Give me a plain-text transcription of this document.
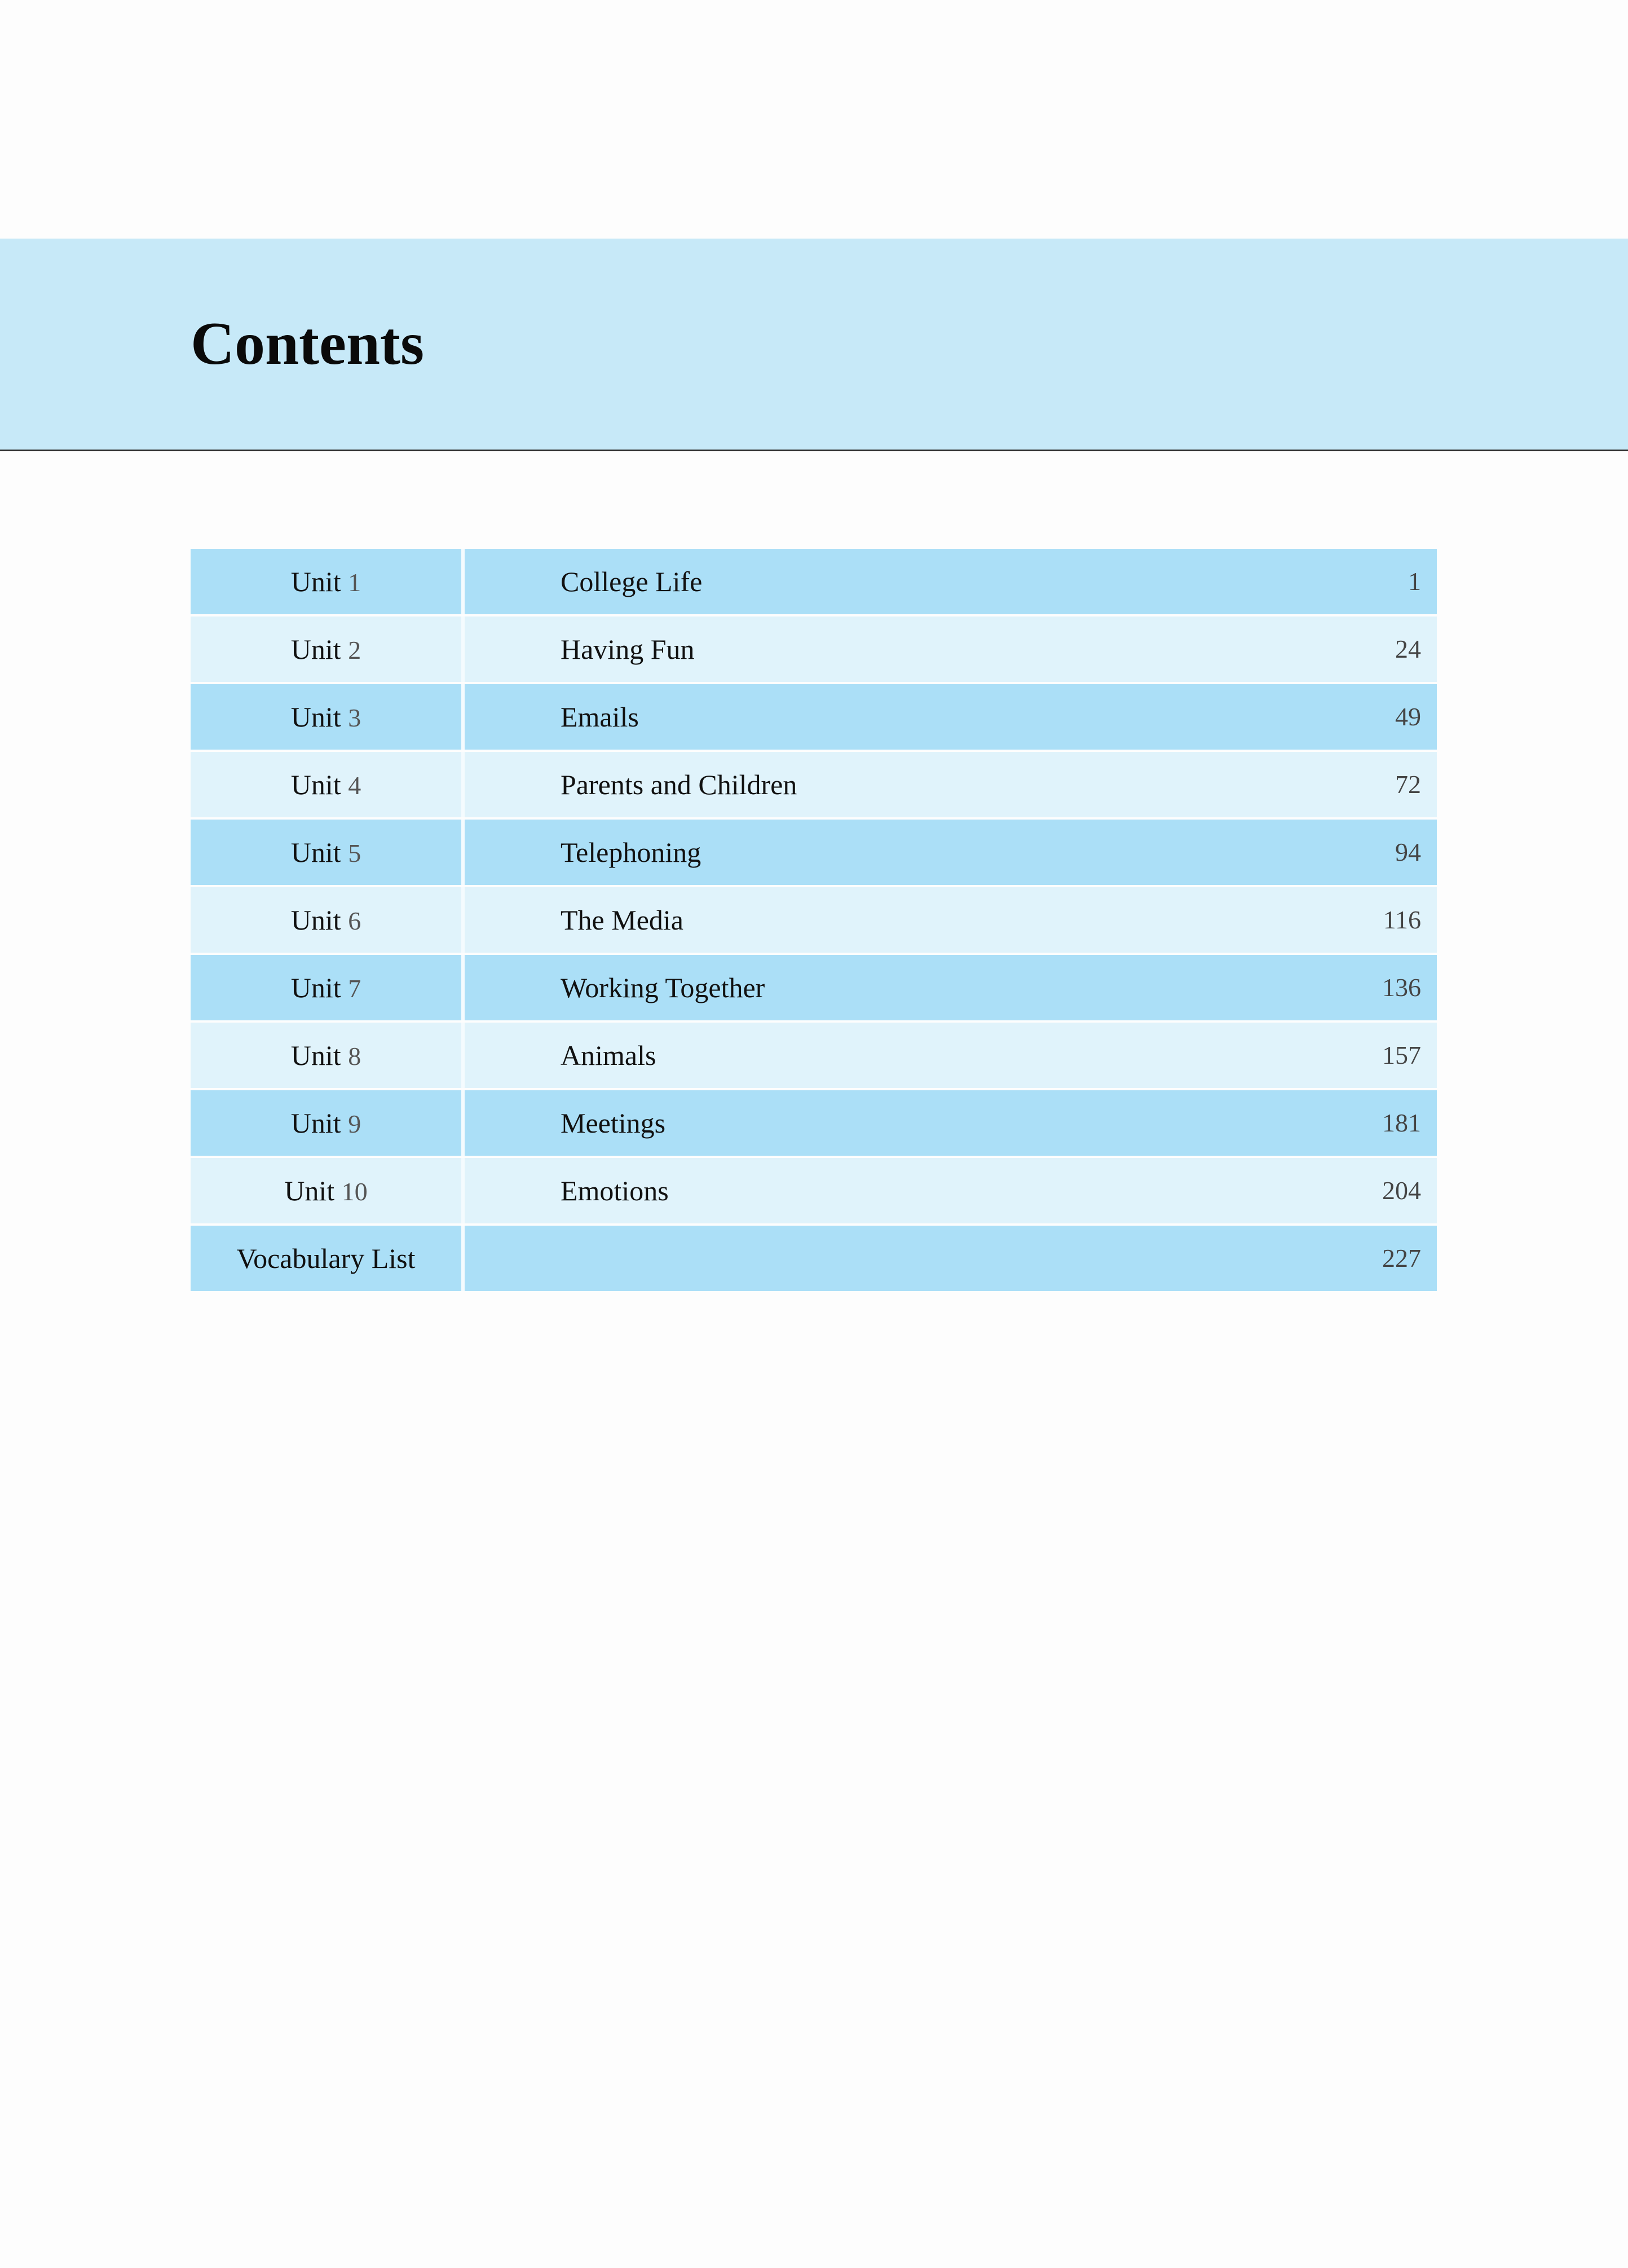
Contents
Unit 1	College Life	1
Unit 2	Having Fun	24
Unit 3	Emails	49
Unit 4	Parents and Children	72
Unit 5	Telephoning	94
Unit 6	The Media	116
Unit 7	Working Together	136
Unit 8	Animals	157
Unit 9	Meetings	181
Unit 10	Emotions	204
Vocabulary List	227
